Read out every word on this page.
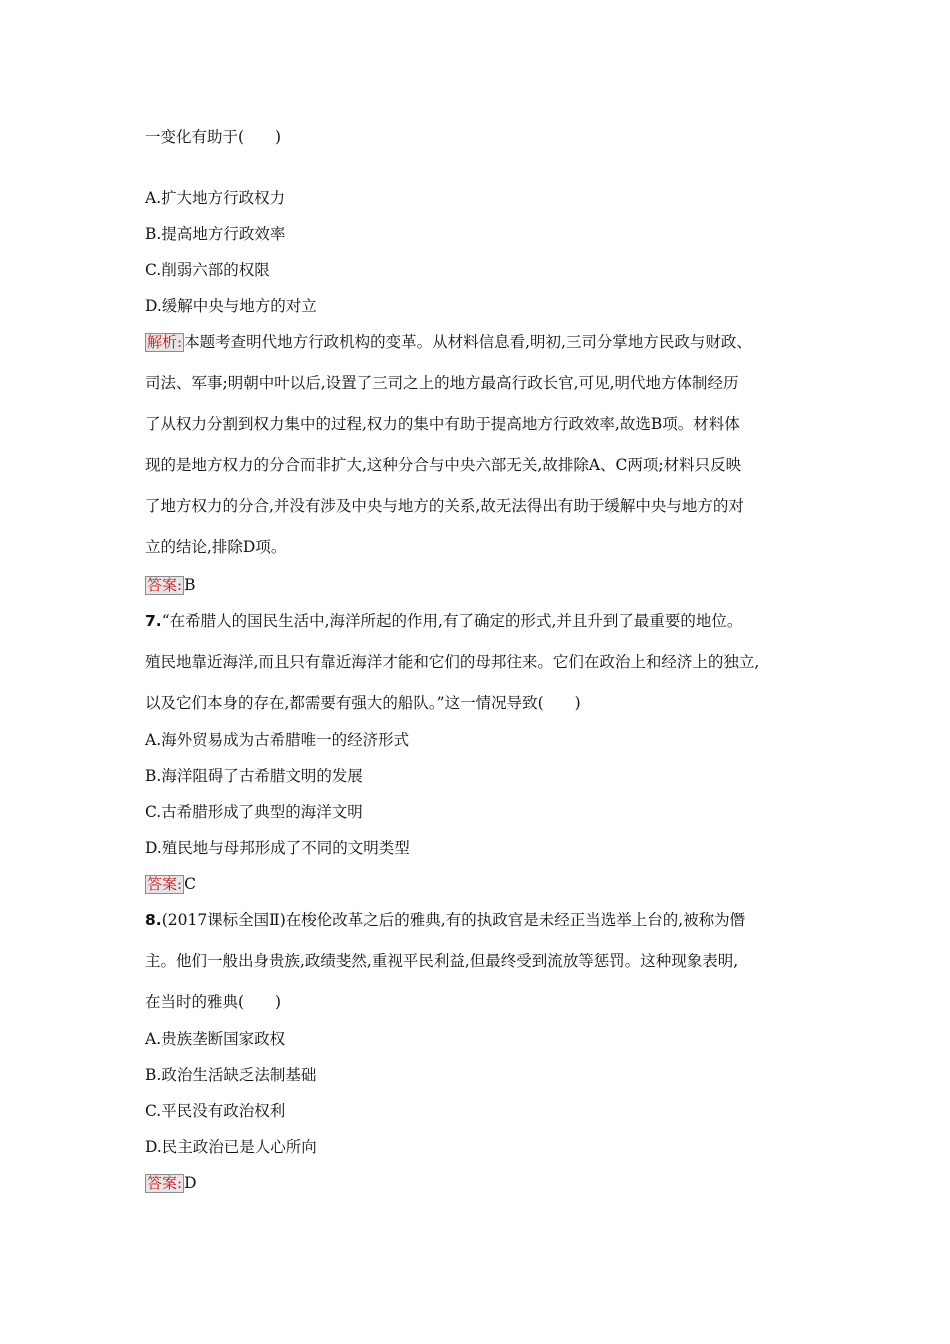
一变化有助于(　　)
A.扩大地方行政权力
B.提高地方行政效率
C.削弱六部的权限
D.缓解中央与地方的对立
解析: 本题考查明代地方行政机构的变革。从材料信息看,明初,三司分掌地方民政与财政、
司法、军事;明朝中叶以后,设置了三司之上的地方最高行政长官,可见,明代地方体制经历
了从权力分割到权力集中的过程,权力的集中有助于提高地方行政效率,故选B项。材料体
现的是地方权力的分合而非扩大,这种分合与中央六部无关,故排除A、C两项;材料只反映
了地方权力的分合,并没有涉及中央与地方的关系,故无法得出有助于缓解中央与地方的对
立的结论,排除D项。
答案: B
7.“在希腊人的国民生活中,海洋所起的作用,有了确定的形式,并且升到了最重要的地位。
殖民地靠近海洋,而且只有靠近海洋才能和它们的母邦往来。它们在政治上和经济上的独立,
以及它们本身的存在,都需要有强大的船队。”这一情况导致(　　)
A.海外贸易成为古希腊唯一的经济形式
B.海洋阻碍了古希腊文明的发展
C.古希腊形成了典型的海洋文明
D.殖民地与母邦形成了不同的文明类型
答案: C
8.(2017课标全国Ⅱ)在梭伦改革之后的雅典,有的执政官是未经正当选举上台的,被称为僭
主。他们一般出身贵族,政绩斐然,重视平民利益,但最终受到流放等惩罚。这种现象表明,
在当时的雅典(　　)
A.贵族垄断国家政权
B.政治生活缺乏法制基础
C.平民没有政治权利
D.民主政治已是人心所向
答案: D
